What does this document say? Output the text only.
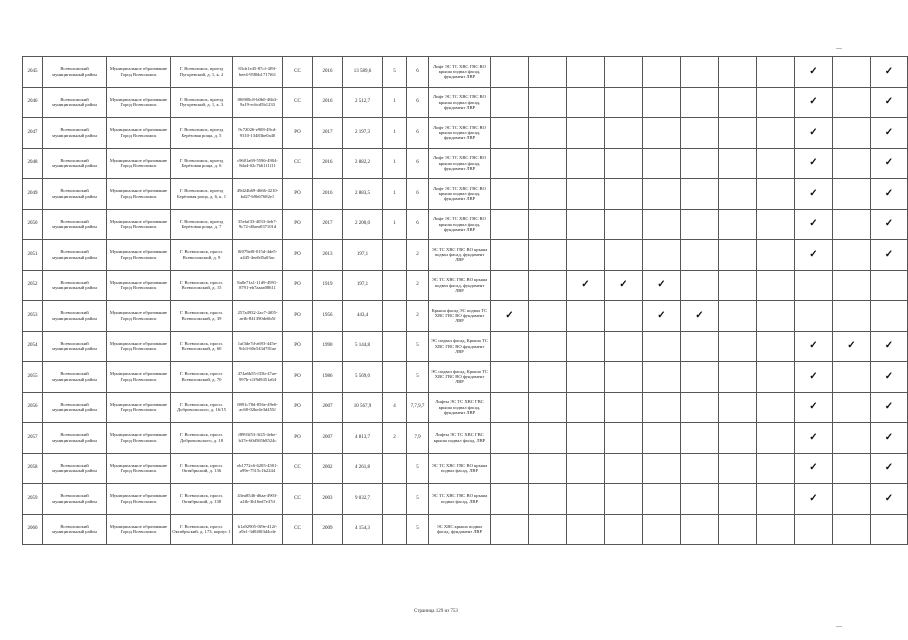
2045	Всеволожский муниципальный район	Муниципальное образование Город Всеволожск	Г. Всеволожск, проезд Пугоревский, д. 1, к. 2	83cb1e45-87cf-4f9f-bee4-9586b1717f61	СС	2016	13 589,6	5	6	Лифт ЭС ТС ХВС ГВС ВО крыша подвал фасад, фундамент ЛВР									✓		✓
2046	Всеволожский муниципальный район	Муниципальное образование Город Всеволожск	Г. Всеволожск, проезд Пугоревский, д. 1, к. 3	f06900c8-b0b0-46b3-9a19-ecbcd5b1233	СС	2016	2 512,7	1	6	Лифт ЭС ТС ХВС ГВС ВО крыша подвал фасад, фундамент ЛВР									✓		✓
2047	Всеволожский муниципальный район	Муниципальное образование Город Всеволожск	Г. Всеволожск, проезд Берёзовая роща, д. 5	9c72026-e908-49cd-9310-13483be0a40	РО	2017	2 197,3	1	6	Лифт ЭС ТС ХВС ГВС ВО крыша подвал фасад, фундамент ЛВР									✓		✓
2048	Всеволожский муниципальный район	Муниципальное образование Город Всеволожск	Г. Всеволожск, проезд Берёзовая роща, д. 6	c9601a69-5596-4904-8da4-02c7b6111f11	СС	2016	2 882,2	1	6	Лифт ЭС ТС ХВС ГВС ВО крыша подвал фасад, фундамент ЛВР									✓		✓
2049	Всеволожский муниципальный район	Муниципальное образование Город Всеволожск	Г. Всеволожск, проезд Берёзовая роща, д. 6, к. 1	49d24b69-4666-4210-bd27-b9b67682e1	РО	2016	2 883,5	1	6	Лифт ЭС ТС ХВС ГВС ВО крыша подвал фасад, фундамент ЛВР									✓		✓
2050	Всеволожский муниципальный район	Муниципальное образование Город Всеволожск	Г. Всеволожск, проезд Берёзовая роща, д. 7	35efaf33-4033-4eb7-9c72-d0aea037101d	РО	2017	2 200,0	1	6	Лифт ЭС ТС ХВС ГВС ВО крыша подвал фасад, фундамент ЛВР									✓		✓
2051	Всеволожский муниципальный район	Муниципальное образование Город Всеволожск	Г. Всеволожск, просп. Всеволожский, д. 9	0f079a8f-015d-4de5-a445-4ee0d5a03ac	РО	2013	197,1		2	ЭС ТС ХВС ГВС ВО крыша подвал фасад, фундамент ЛВР									✓		✓
2052	Всеволожский муниципальный район	Муниципальное образование Город Всеволожск	Г. Всеволожск, просп. Всеволожский, д. 15	8a8e71a1-11d9-4991-8791-eb7aaaa08611	РО	1919	197,1		2	ЭС ТС ХВС ГВС ВО крыша подвал фасад, фундамент ЛВР			✓	✓	✓						
2053	Всеволожский муниципальный район	Муниципальное образование Город Всеволожск	Г. Всеволожск, просп. Всеволожский, д. 39	257a4932-2ac7-4f05-aefb-841390de6b5f	РО	1956	443,4		2	Крыша фасад ЭС подвал ТС ХВС ГВС ВО фундамент ЛВР	✓				✓	✓					
2054	Всеволожский муниципальный район	Муниципальное образование Город Всеволожск	Г. Всеволожск, просп. Всеволожский, д. 60	1af3de7d-a693-445e-9cb3-60e543d781ae	РО	1990	5 144,8		5	ЭС подвал фасад, Крыша ТС ХВС ГВС ВО фундамент ЛВР									✓	✓	✓
2055	Всеволожский муниципальный район	Муниципальное образование Город Всеволожск	Г. Всеволожск, просп. Всеволожский, д. 70	474a6b55-f35b-47ae-997b-c1f9d9451a64	РО	1986	5 569,0		5	ЭС подвал фасад, Крыша ТС ХВС ГВС ВО фундамент ЛВР									✓		✓
2056	Всеволожский муниципальный район	Муниципальное образование Город Всеволожск	Г. Всеволожск, просп. Добровольского, д. 16/15	0891c78d-856e-49e6-ac68-02be4e3d455f	РО	2007	10 567,9	4	7,7,9,7	Лифты ЭС ТС ХВС ГВС крыша подвал фасад, фундамент ЛВР									✓		✓
2057	Всеволожский муниципальный район	Муниципальное образование Город Всеволожск	Г. Всеволожск, просп. Добровольского, д. 18	f8993f53-3f25-4ebe-b37e-60d565b8524c	РО	2007	4 813,7	2	7,9	Лифты ЭС ТС ХВС ГВС крыша подвал фасад, ЛВР									✓		✓
2058	Всеволожский муниципальный район	Муниципальное образование Город Всеволожск	Г. Всеволожск, просп. Октябрьский, д. 136	eb1772c6-6205-4501-a99e-7515c1b2244	СС	2002	4 261,8		5	ЭС ТС ХВС ГВС ВО крыша подвал фасад, ЛВР									✓		✓
2059	Всеволожский муниципальный район	Муниципальное образование Город Всеволожск	Г. Всеволожск, просп. Октябрьский, д. 138	43ea8546-d6aa-4903-a2fb-3b16ed7e37d	СС	2003	9 032,7		5	ЭС ТС ХВС ГВС ВО крыша подвал фасад, ЛВР									✓		✓
2060	Всеволожский муниципальный район	Муниципальное образование Город Всеволожск	Г. Всеволожск, просп. Октябрьский, д. 173, корпус 1	b1a92905-0f9e-412f-a9e1-3d048f3d4cde	СС	2009	4 154,3		5	ЭС ХВС крыша подвал фасад, фундамент ЛВР											
Страница 129 из 753
